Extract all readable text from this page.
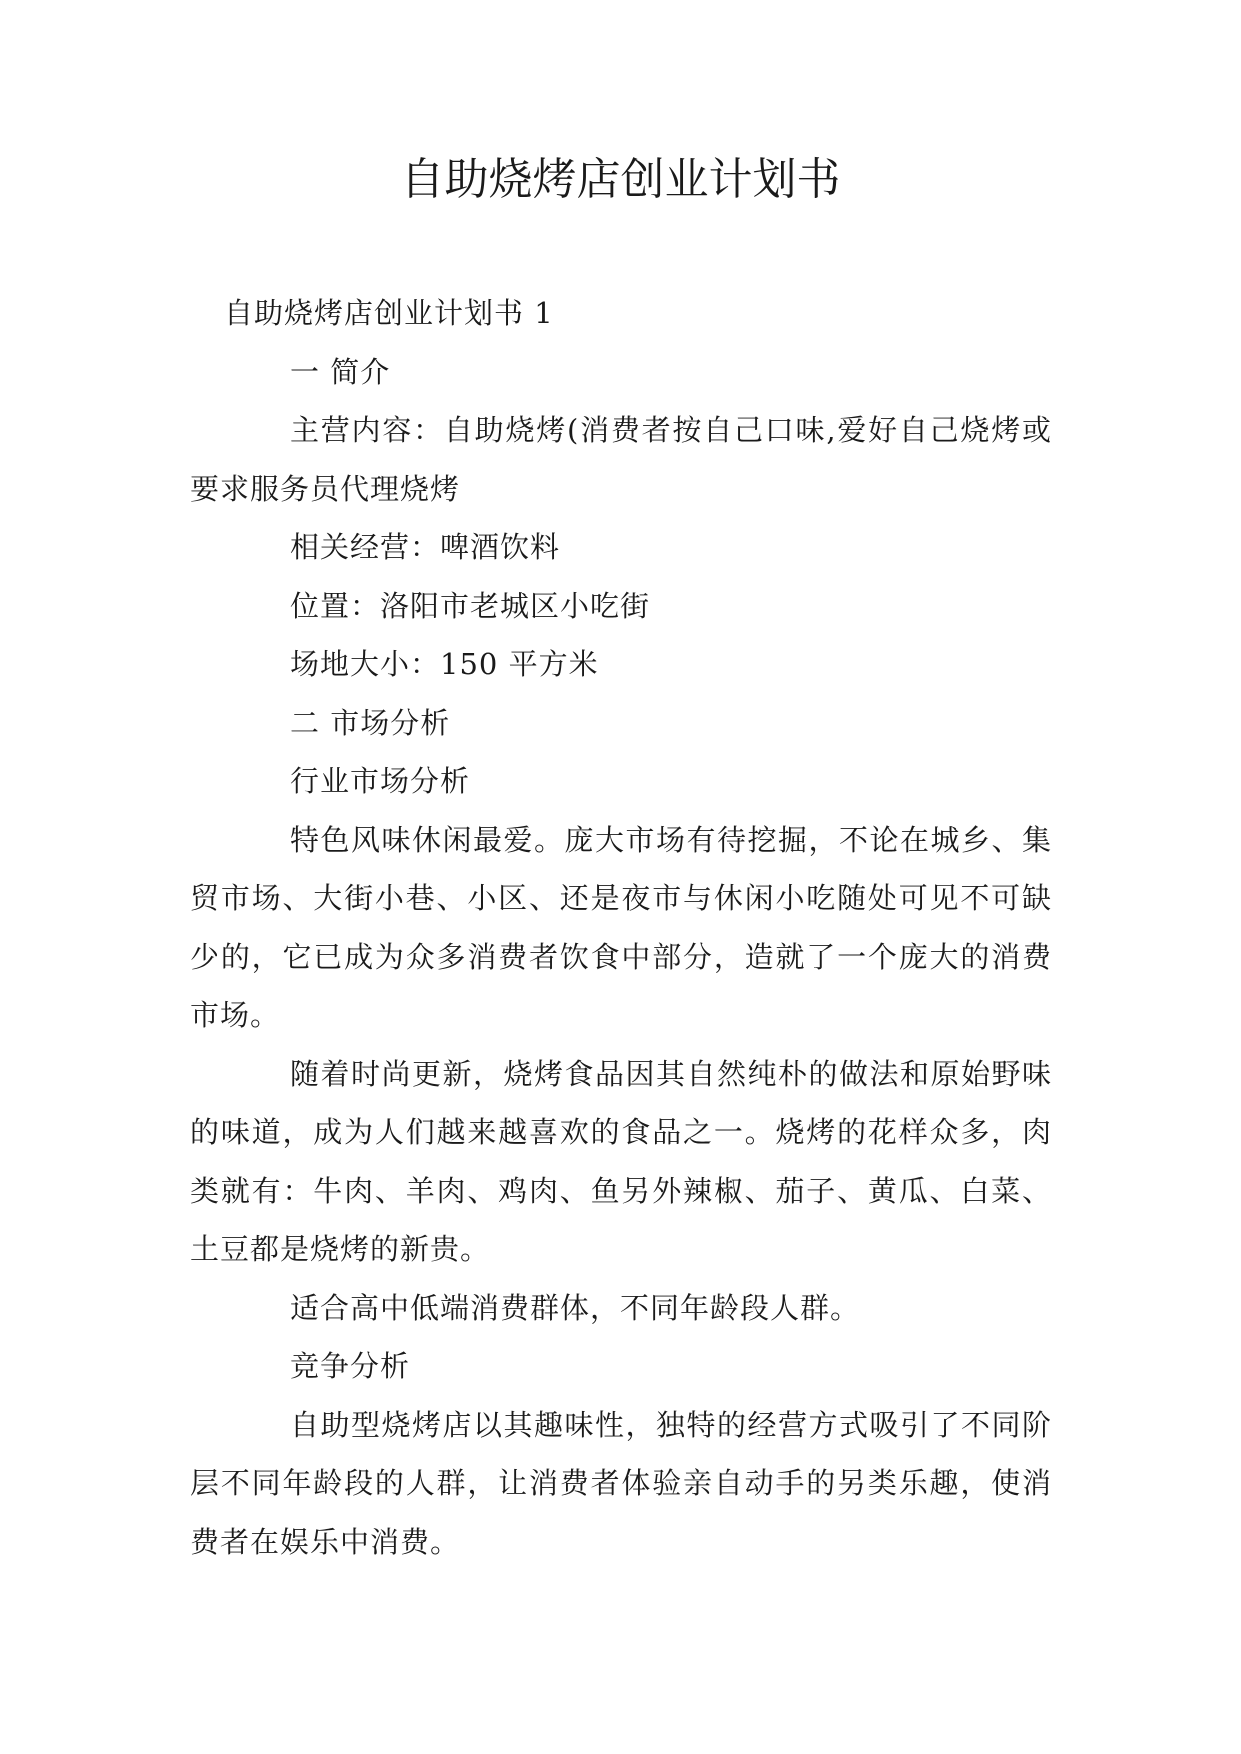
自助烧烤店创业计划书

自助烧烤店创业计划书 1

一 简介

主营内容：自助烧烤(消费者按自己口味,爱好自己烧烤或要求服务员代理烧烤

相关经营：啤酒饮料

位置：洛阳市老城区小吃街

场地大小：150 平方米

二 市场分析

行业市场分析

特色风味休闲最爱。庞大市场有待挖掘，不论在城乡、集贸市场、大街小巷、小区、还是夜市与休闲小吃随处可见不可缺少的，它已成为众多消费者饮食中部分，造就了一个庞大的消费市场。

随着时尚更新，烧烤食品因其自然纯朴的做法和原始野味的味道，成为人们越来越喜欢的食品之一。烧烤的花样众多，肉类就有：牛肉、羊肉、鸡肉、鱼另外辣椒、茄子、黄瓜、白菜、土豆都是烧烤的新贵。

适合高中低端消费群体，不同年龄段人群。

竞争分析

自助型烧烤店以其趣味性，独特的经营方式吸引了不同阶层不同年龄段的人群，让消费者体验亲自动手的另类乐趣，使消费者在娱乐中消费。
